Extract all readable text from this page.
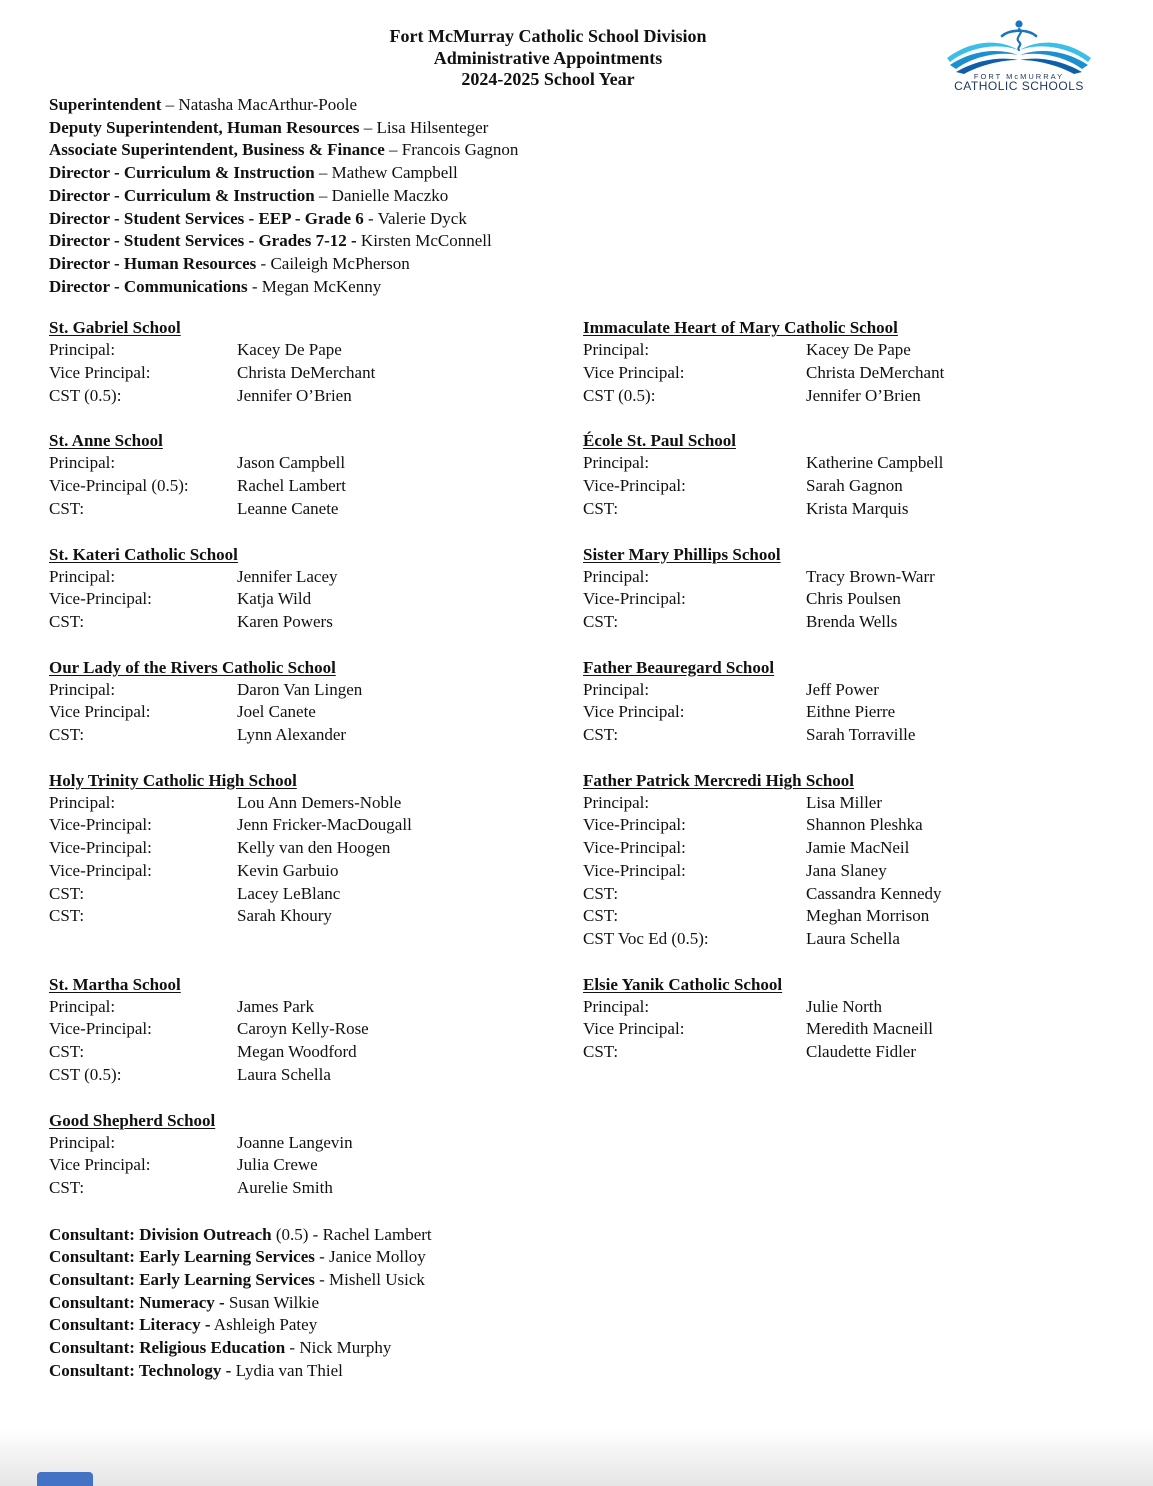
Fort McMurray Catholic School Division
Administrative Appointments
2024-2025 School Year	FORT McMURRAY
CATHOLIC SCHOOLS
Superintendent – Natasha MacArthur-Poole
Deputy Superintendent, Human Resources – Lisa Hilsenteger
Associate Superintendent, Business & Finance – Francois Gagnon
Director - Curriculum & Instruction – Mathew Campbell
Director - Curriculum & Instruction – Danielle Maczko
Director - Student Services - EEP - Grade 6 - Valerie Dyck
Director - Student Services - Grades 7-12 - Kirsten McConnell
Director - Human Resources - Caileigh McPherson
Director - Communications - Megan McKenny
St. Gabriel School
Principal:	Kacey De Pape
Vice Principal:	Christa DeMerchant
CST (0.5):	Jennifer O’Brien
Immaculate Heart of Mary Catholic School
Principal:	Kacey De Pape
Vice Principal:	Christa DeMerchant
CST (0.5):	Jennifer O’Brien
St. Anne School
Principal:	Jason Campbell
Vice-Principal (0.5):	Rachel Lambert
CST:	Leanne Canete
École St. Paul School
Principal:	Katherine Campbell
Vice-Principal:	Sarah Gagnon
CST:	Krista Marquis
St. Kateri Catholic School
Principal:	Jennifer Lacey
Vice-Principal:	Katja Wild
CST:	Karen Powers
Sister Mary Phillips School
Principal:	Tracy Brown-Warr
Vice-Principal:	Chris Poulsen
CST:	Brenda Wells
Our Lady of the Rivers Catholic School
Principal:	Daron Van Lingen
Vice Principal:	Joel Canete
CST:	Lynn Alexander
Father Beauregard School
Principal:	Jeff Power
Vice Principal:	Eithne Pierre
CST:	Sarah Torraville
Holy Trinity Catholic High School
Principal:	Lou Ann Demers-Noble
Vice-Principal:	Jenn Fricker-MacDougall
Vice-Principal:	Kelly van den Hoogen
Vice-Principal:	Kevin Garbuio
CST:	Lacey LeBlanc
CST:	Sarah Khoury
Father Patrick Mercredi High School
Principal:	Lisa Miller
Vice-Principal:	Shannon Pleshka
Vice-Principal:	Jamie MacNeil
Vice-Principal:	Jana Slaney
CST:	Cassandra Kennedy
CST:	Meghan Morrison
CST Voc Ed (0.5):	Laura Schella
St. Martha School
Principal:	James Park
Vice-Principal:	Caroyn Kelly-Rose
CST:	Megan Woodford
CST (0.5):	Laura Schella
Elsie Yanik Catholic School
Principal:	Julie North
Vice Principal:	Meredith Macneill
CST:	Claudette Fidler
Good Shepherd School
Principal:	Joanne Langevin
Vice Principal:	Julia Crewe
CST:	Aurelie Smith
Consultant: Division Outreach (0.5) - Rachel Lambert
Consultant: Early Learning Services - Janice Molloy
Consultant: Early Learning Services - Mishell Usick
Consultant: Numeracy - Susan Wilkie
Consultant: Literacy - Ashleigh Patey
Consultant: Religious Education - Nick Murphy
Consultant: Technology - Lydia van Thiel
